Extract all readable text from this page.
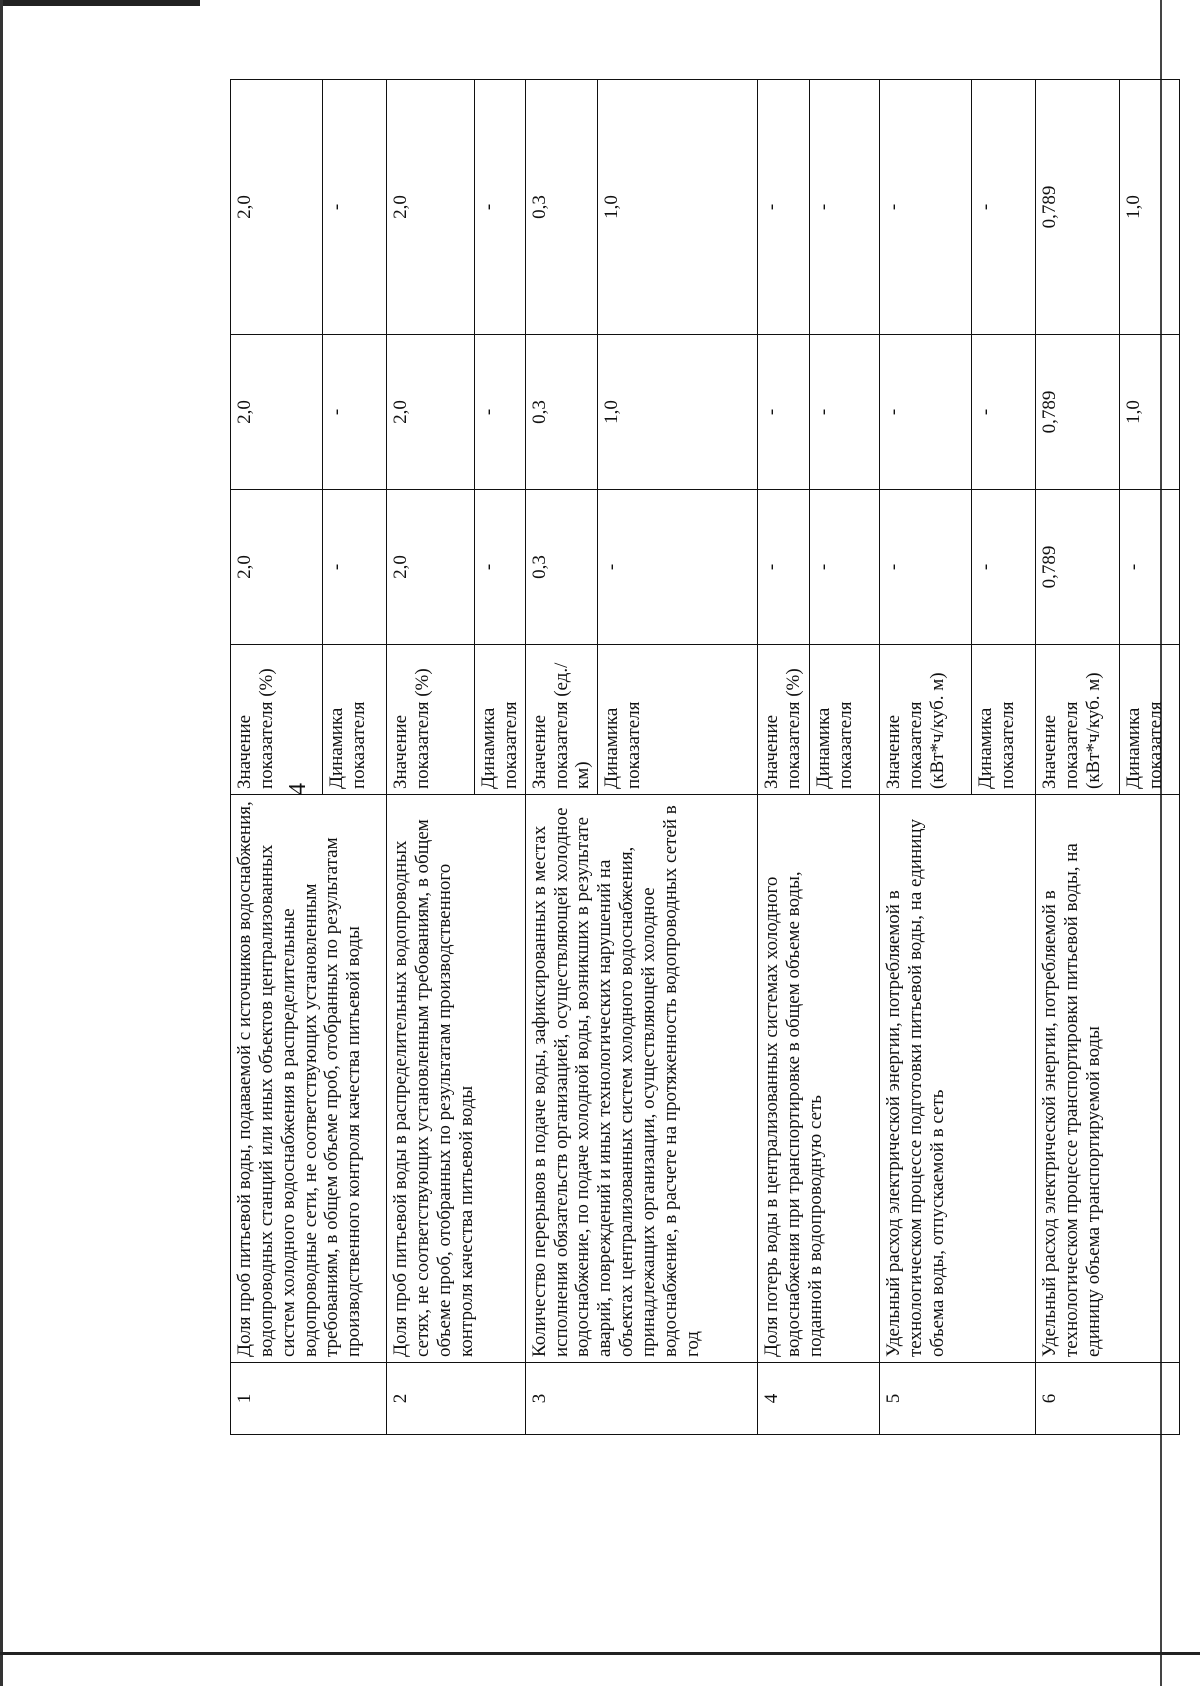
4
1	Доля проб питьевой воды, подаваемой с источников водоснабжения, водопроводных станций или иных объектов централизованных систем холодного водоснабжения в распределительные водопроводные сети, не соответствующих установленным требованиям, в общем объеме проб, отобранных по результатам производственного контроля качества питьевой воды	Значение показателя (%)	2,0	2,0	2,0
		Динамика показателя	-	-	-
2	Доля проб питьевой воды в распределительных водопроводных сетях, не соответствующих установленным требованиям, в общем объеме проб, отобранных по результатам производственного контроля качества питьевой воды	Значение показателя (%)	2,0	2,0	2,0
		Динамика показателя	-	-	-
3	Количество перерывов в подаче воды, зафиксированных в местах исполнения обязательств организацией, осуществляющей холодное водоснабжение, по подаче холодной воды, возникших в результате аварий, повреждений и иных технологических нарушений на объектах централизованных систем холодного водоснабжения, принадлежащих организации, осуществляющей холодное водоснабжение, в расчете на протяженность водопроводных сетей в год	Значение показателя (ед./км)	0,3	0,3	0,3
		Динамика показателя	-	1,0	1,0
4	Доля потерь воды в централизованных системах холодного водоснабжения при транспортировке в общем объеме воды, поданной в водопроводную сеть	Значение показателя (%)	-	-	-
		Динамика показателя	-	-	-
5	Удельный расход электрической энергии, потребляемой в технологическом процессе подготовки питьевой воды, на единицу объема воды, отпускаемой в сеть	Значение показателя (кВт*ч/куб. м)	-	-	-
		Динамика показателя	-	-	-
6	Удельный расход электрической энергии, потребляемой в технологическом процессе транспортировки питьевой воды, на единицу объема транспортируемой воды	Значение показателя (кВт*ч/куб. м)	0,789	0,789	0,789
		Динамика показателя	-	1,0	1,0
